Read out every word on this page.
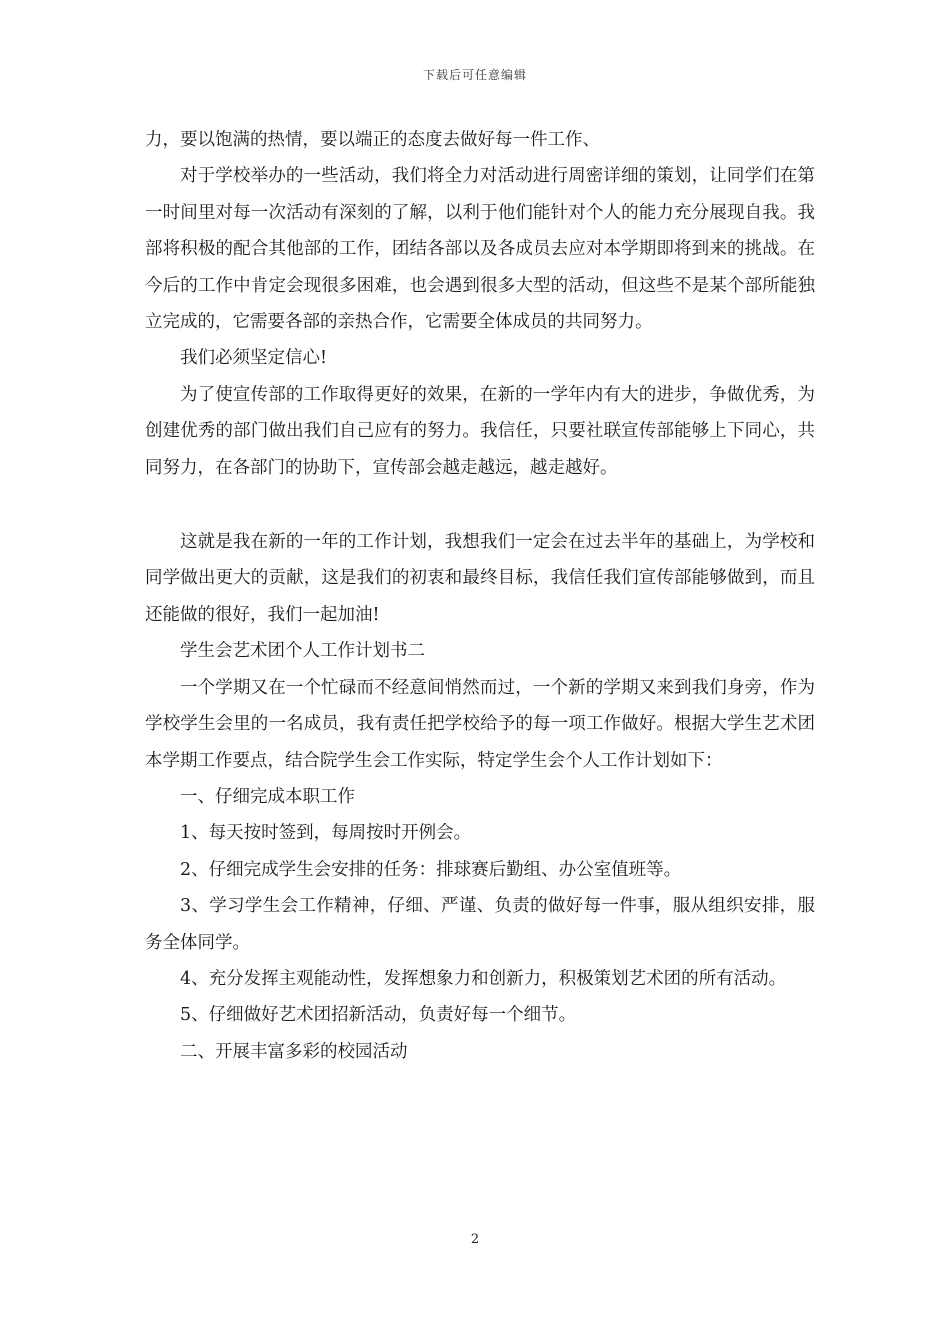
下载后可任意编辑

力，要以饱满的热情，要以端正的态度去做好每一件工作、

对于学校举办的一些活动，我们将全力对活动进行周密详细的策划，让同学们在第一时间里对每一次活动有深刻的了解，以利于他们能针对个人的能力充分展现自我。我部将积极的配合其他部的工作，团结各部以及各成员去应对本学期即将到来的挑战。在今后的工作中肯定会现很多困难，也会遇到很多大型的活动，但这些不是某个部所能独立完成的，它需要各部的亲热合作，它需要全体成员的共同努力。

我们必须坚定信心!

为了使宣传部的工作取得更好的效果，在新的一学年内有大的进步，争做优秀，为创建优秀的部门做出我们自己应有的努力。我信任，只要社联宣传部能够上下同心，共同努力，在各部门的协助下，宣传部会越走越远，越走越好。

这就是我在新的一年的工作计划，我想我们一定会在过去半年的基础上，为学校和同学做出更大的贡献，这是我们的初衷和最终目标，我信任我们宣传部能够做到，而且还能做的很好，我们一起加油!

学生会艺术团个人工作计划书二

一个学期又在一个忙碌而不经意间悄然而过，一个新的学期又来到我们身旁，作为学校学生会里的一名成员，我有责任把学校给予的每一项工作做好。根据大学生艺术团本学期工作要点，结合院学生会工作实际，特定学生会个人工作计划如下：

一、仔细完成本职工作

1、每天按时签到，每周按时开例会。

2、仔细完成学生会安排的任务：排球赛后勤组、办公室值班等。

3、学习学生会工作精神，仔细、严谨、负责的做好每一件事，服从组织安排，服务全体同学。

4、充分发挥主观能动性，发挥想象力和创新力，积极策划艺术团的所有活动。

5、仔细做好艺术团招新活动，负责好每一个细节。

二、开展丰富多彩的校园活动

2
